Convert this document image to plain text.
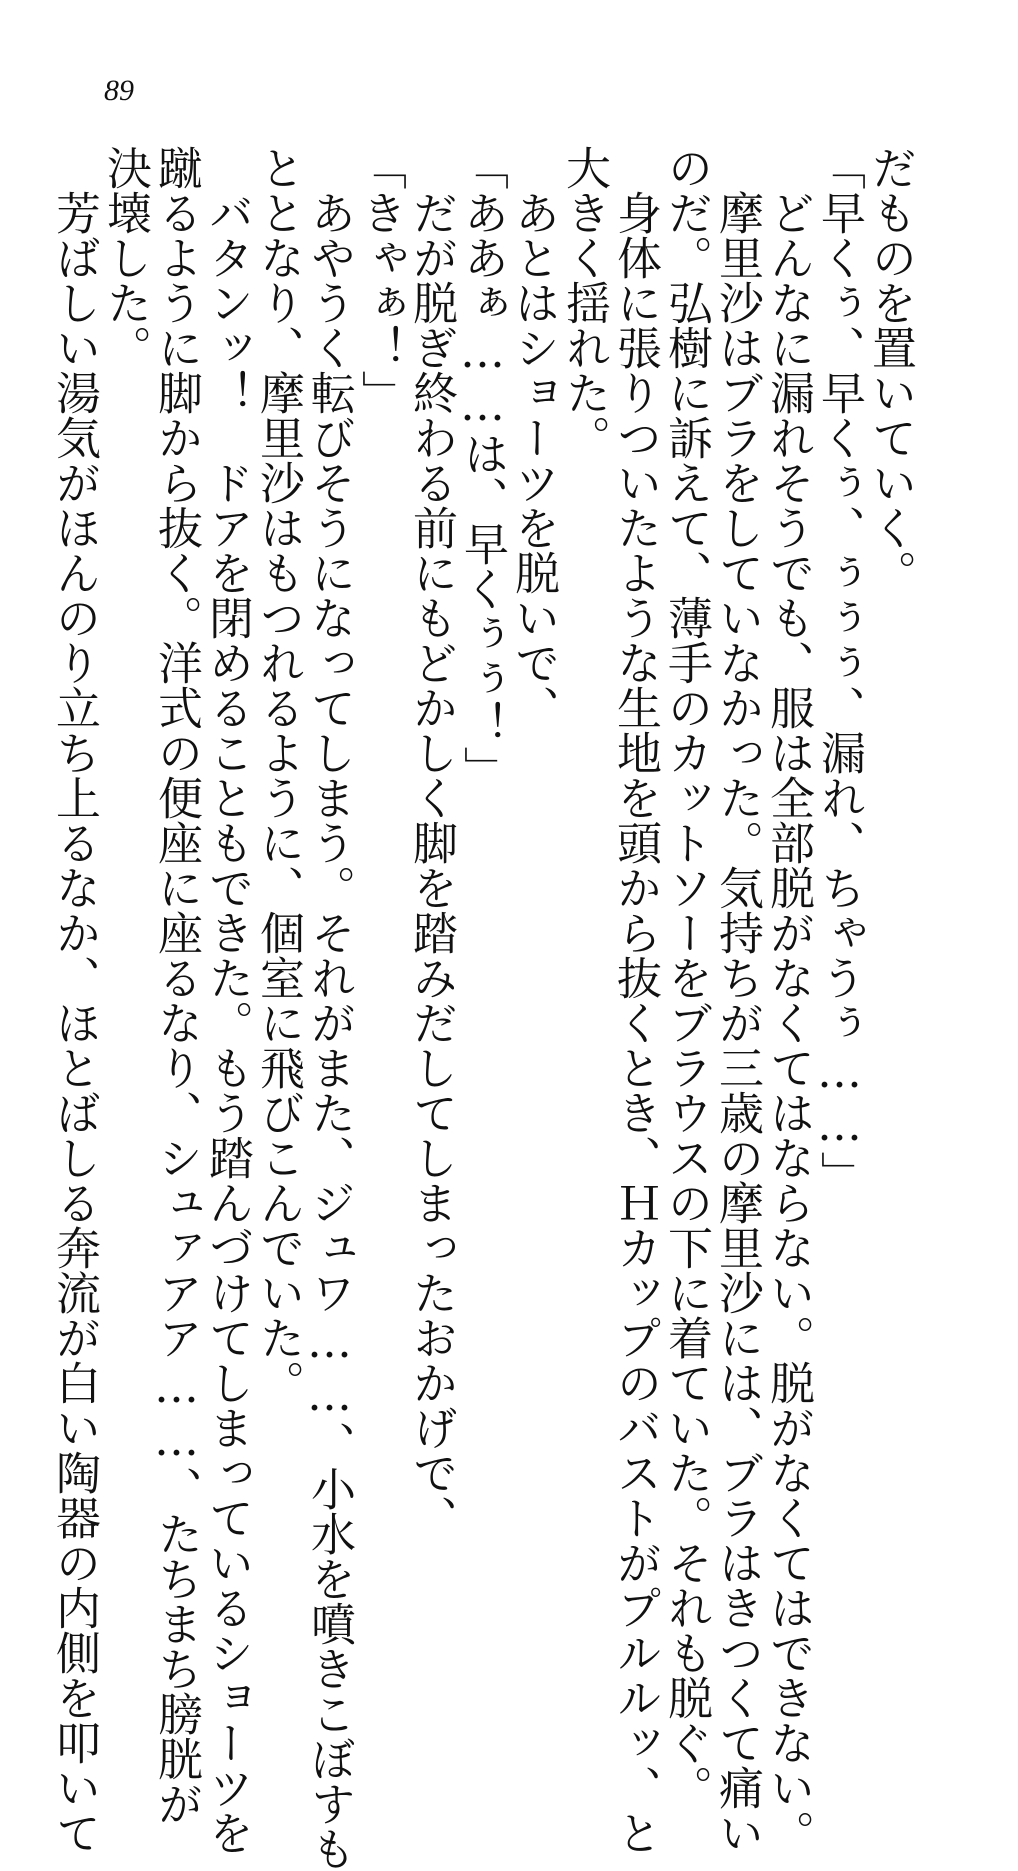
89
だものを置いていく。
「早くぅ、早くぅ、ぅぅぅ、漏れ、ちゃうぅ……」
　どんなに漏れそうでも、服は全部脱がなくてはならない。脱がなくてはできない。
　摩里沙はブラをしていなかった。気持ちが三歳の摩里沙には、ブラはきつくて痛い
のだ。弘樹に訴えて、薄手のカットソーをブラウスの下に着ていた。それも脱ぐ。
　身体に張りついたような生地を頭から抜くとき、Ｈカップのバストがプルルッ、と
大きく揺れた。
　あとはショーツを脱いで、
「ああぁ……は、早くぅぅ！」
　だが脱ぎ終わる前にもどかしく脚を踏みだしてしまったおかげで、
「きゃぁ！」
　あやうく転びそうになってしまう。それがまた、ジュワ……、小水を噴きこぼすも
ととなり、摩里沙はもつれるように、個室に飛びこんでいた。
　バタンッ！　ドアを閉めることもできた。もう踏んづけてしまっているショーツを
蹴るように脚から抜く。洋式の便座に座るなり、シュァアア……、たちまち膀胱が
決壊した。
　芳ばしい湯気がほんのり立ち上るなか、ほとばしる奔流が白い陶器の内側を叩いて
